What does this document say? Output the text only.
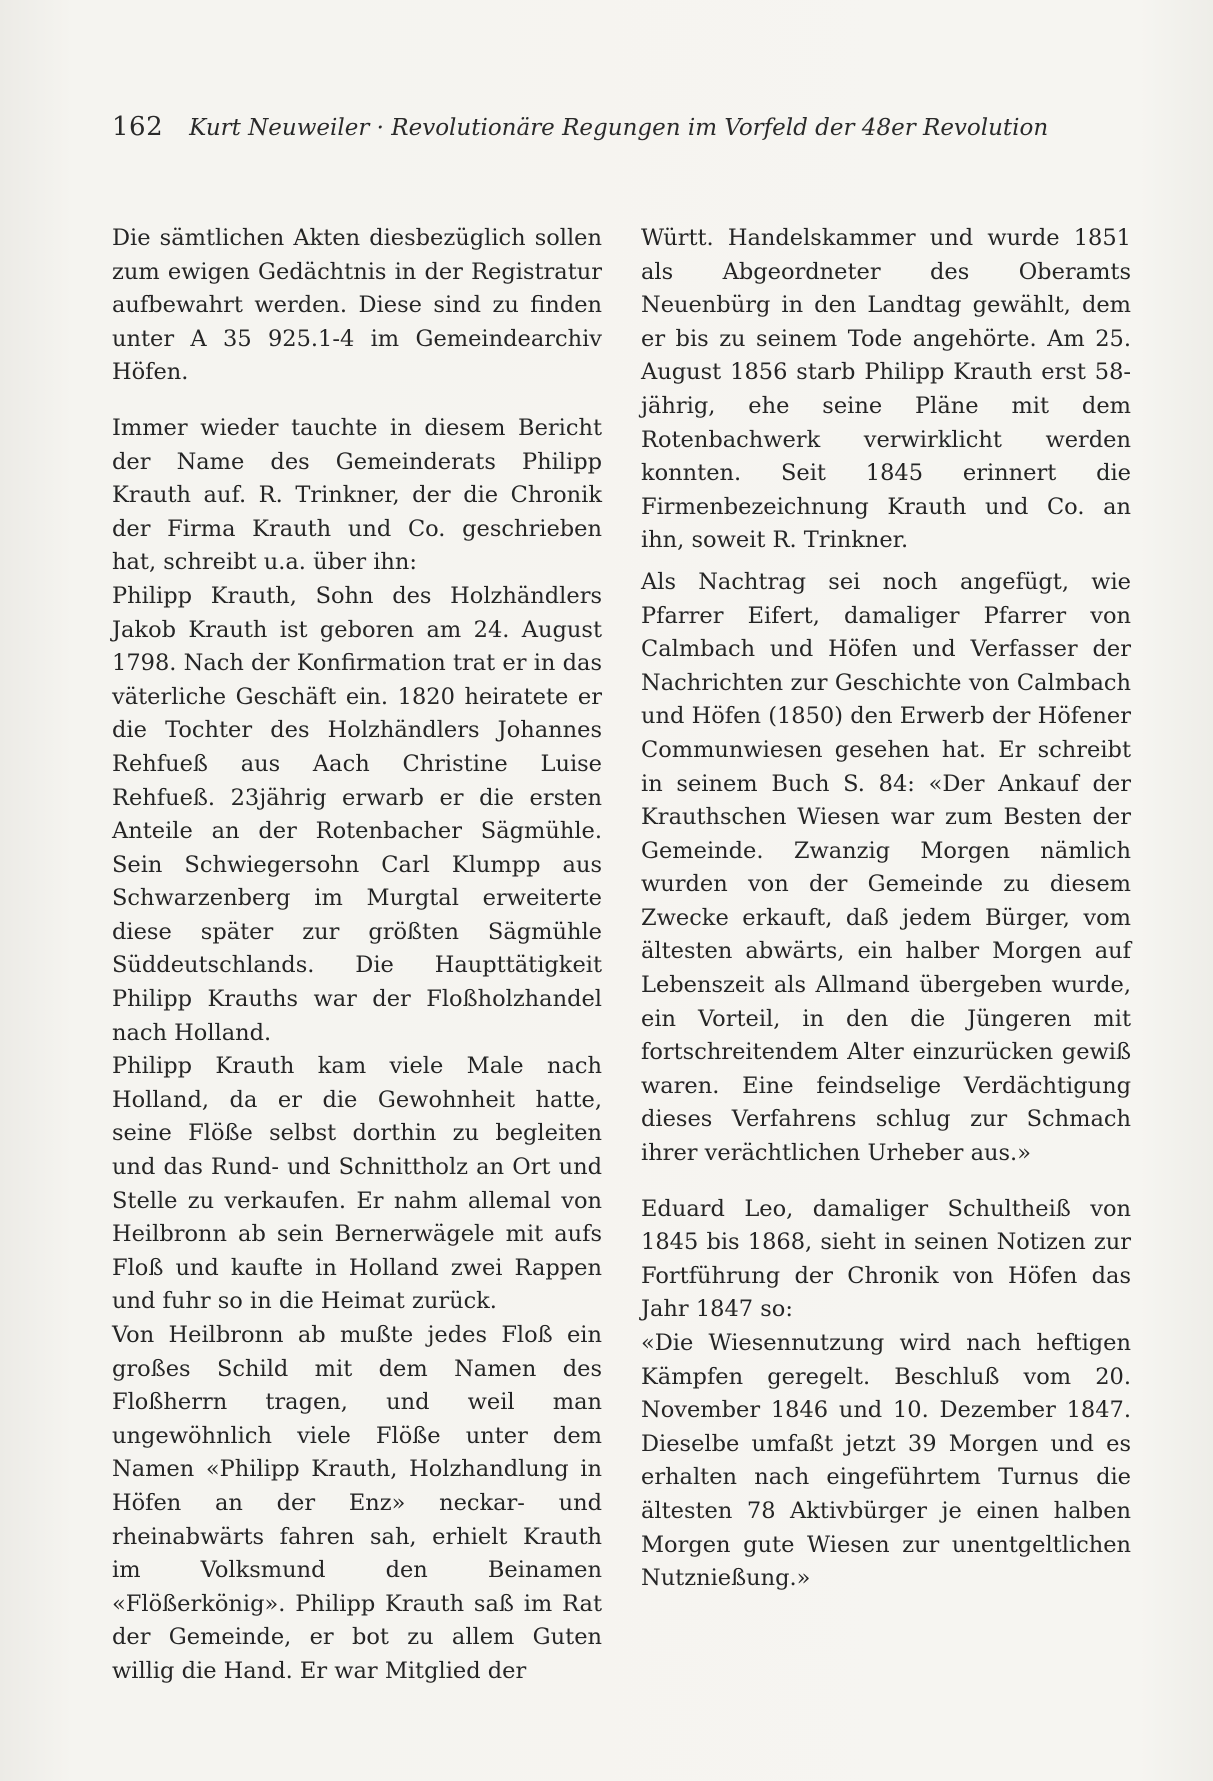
162 Kurt Neuweiler · Revolutionäre Regungen im Vorfeld der 48er Revolution

Die sämtlichen Akten diesbezüglich sollen zum ewigen Gedächtnis in der Registratur aufbewahrt werden. Diese sind zu finden unter A 35 925.1-4 im Gemeindearchiv Höfen.

Immer wieder tauchte in diesem Bericht der Name des Gemeinderats Philipp Krauth auf. R. Trinkner, der die Chronik der Firma Krauth und Co. geschrieben hat, schreibt u.a. über ihn:

Philipp Krauth, Sohn des Holzhändlers Jakob Krauth ist geboren am 24. August 1798. Nach der Konfirmation trat er in das väterliche Geschäft ein. 1820 heiratete er die Tochter des Holzhändlers Johannes Rehfueß aus Aach Christine Luise Rehfueß. 23jährig erwarb er die ersten Anteile an der Rotenbacher Sägmühle. Sein Schwiegersohn Carl Klumpp aus Schwarzenberg im Murgtal erweiterte diese später zur größten Sägmühle Süddeutschlands. Die Haupttätigkeit Philipp Krauths war der Floßholzhandel nach Holland.

Philipp Krauth kam viele Male nach Holland, da er die Gewohnheit hatte, seine Flöße selbst dorthin zu begleiten und das Rund- und Schnittholz an Ort und Stelle zu verkaufen. Er nahm allemal von Heilbronn ab sein Bernerwägele mit aufs Floß und kaufte in Holland zwei Rappen und fuhr so in die Heimat zurück.

Von Heilbronn ab mußte jedes Floß ein großes Schild mit dem Namen des Floßherrn tragen, und weil man ungewöhnlich viele Flöße unter dem Namen «Philipp Krauth, Holzhandlung in Höfen an der Enz» neckar- und rheinabwärts fahren sah, erhielt Krauth im Volksmund den Beinamen «Flößerkönig». Philipp Krauth saß im Rat der Gemeinde, er bot zu allem Guten willig die Hand. Er war Mitglied der

Württ. Handelskammer und wurde 1851 als Abgeordneter des Oberamts Neuenbürg in den Landtag gewählt, dem er bis zu seinem Tode angehörte. Am 25. August 1856 starb Philipp Krauth erst 58-jährig, ehe seine Pläne mit dem Rotenbachwerk verwirklicht werden konnten. Seit 1845 erinnert die Firmenbezeichnung Krauth und Co. an ihn, soweit R. Trinkner.

Als Nachtrag sei noch angefügt, wie Pfarrer Eifert, damaliger Pfarrer von Calmbach und Höfen und Verfasser der Nachrichten zur Geschichte von Calmbach und Höfen (1850) den Erwerb der Höfener Communwiesen gesehen hat. Er schreibt in seinem Buch S. 84: «Der Ankauf der Krauthschen Wiesen war zum Besten der Gemeinde. Zwanzig Morgen nämlich wurden von der Gemeinde zu diesem Zwecke erkauft, daß jedem Bürger, vom ältesten abwärts, ein halber Morgen auf Lebenszeit als Allmand übergeben wurde, ein Vorteil, in den die Jüngeren mit fortschreitendem Alter einzurücken gewiß waren. Eine feindselige Verdächtigung dieses Verfahrens schlug zur Schmach ihrer verächtlichen Urheber aus.»

Eduard Leo, damaliger Schultheiß von 1845 bis 1868, sieht in seinen Notizen zur Fortführung der Chronik von Höfen das Jahr 1847 so:

«Die Wiesennutzung wird nach heftigen Kämpfen geregelt. Beschluß vom 20. November 1846 und 10. Dezember 1847. Dieselbe umfaßt jetzt 39 Morgen und es erhalten nach eingeführtem Turnus die ältesten 78 Aktivbürger je einen halben Morgen gute Wiesen zur unentgeltlichen Nutznießung.»
